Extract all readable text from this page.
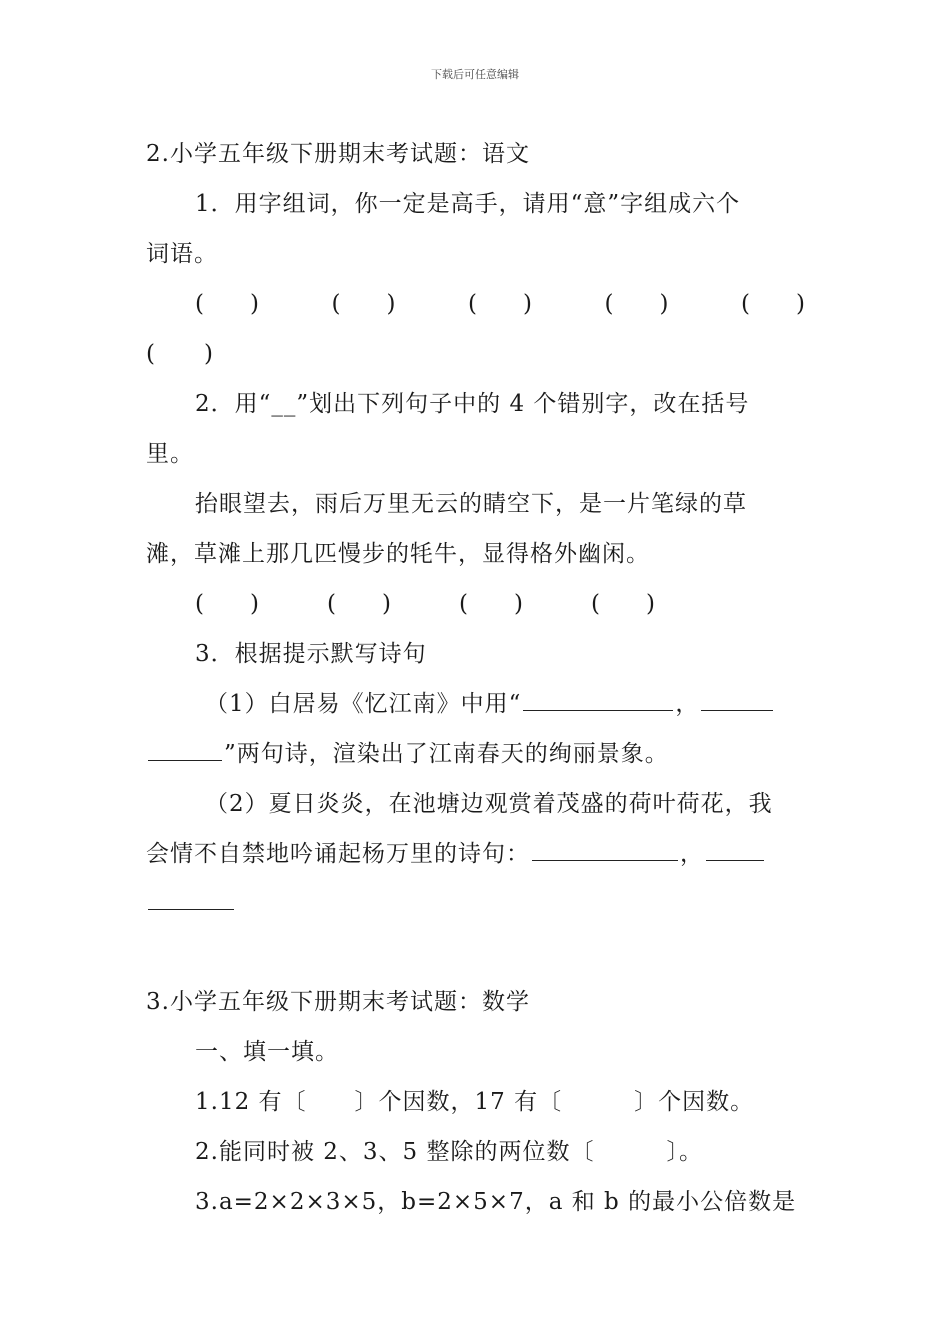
下载后可任意编辑
2.小学五年级下册期末考试题：语文
1．用字组词，你一定是高手，请用“意”字组成六个
词语。
(　　)	(　　)	(　　)	(　　)	(　　)
(　　)
2．用“__”划出下列句子中的 4 个错别字，改在括号
里。
抬眼望去，雨后万里无云的睛空下，是一片笔绿的草
滩，草滩上那几匹慢步的牦牛，显得格外幽闲。
(　　)	(　　)	(　　)	(　　)
3．根据提示默写诗句
（1）白居易《忆江南》中用“	，
”两句诗，渲染出了江南春天的绚丽景象。
（2）夏日炎炎，在池塘边观赏着茂盛的荷叶荷花，我
会情不自禁地吟诵起杨万里的诗句：	，
3.小学五年级下册期末考试题：数学
一、填一填。
1.12 有〔　　〕个因数，17 有〔　　　〕个因数。
2.能同时被 2、3、5 整除的两位数〔　　　〕。
3.a=2×2×3×5，b=2×5×7，a 和 b 的最小公倍数是
